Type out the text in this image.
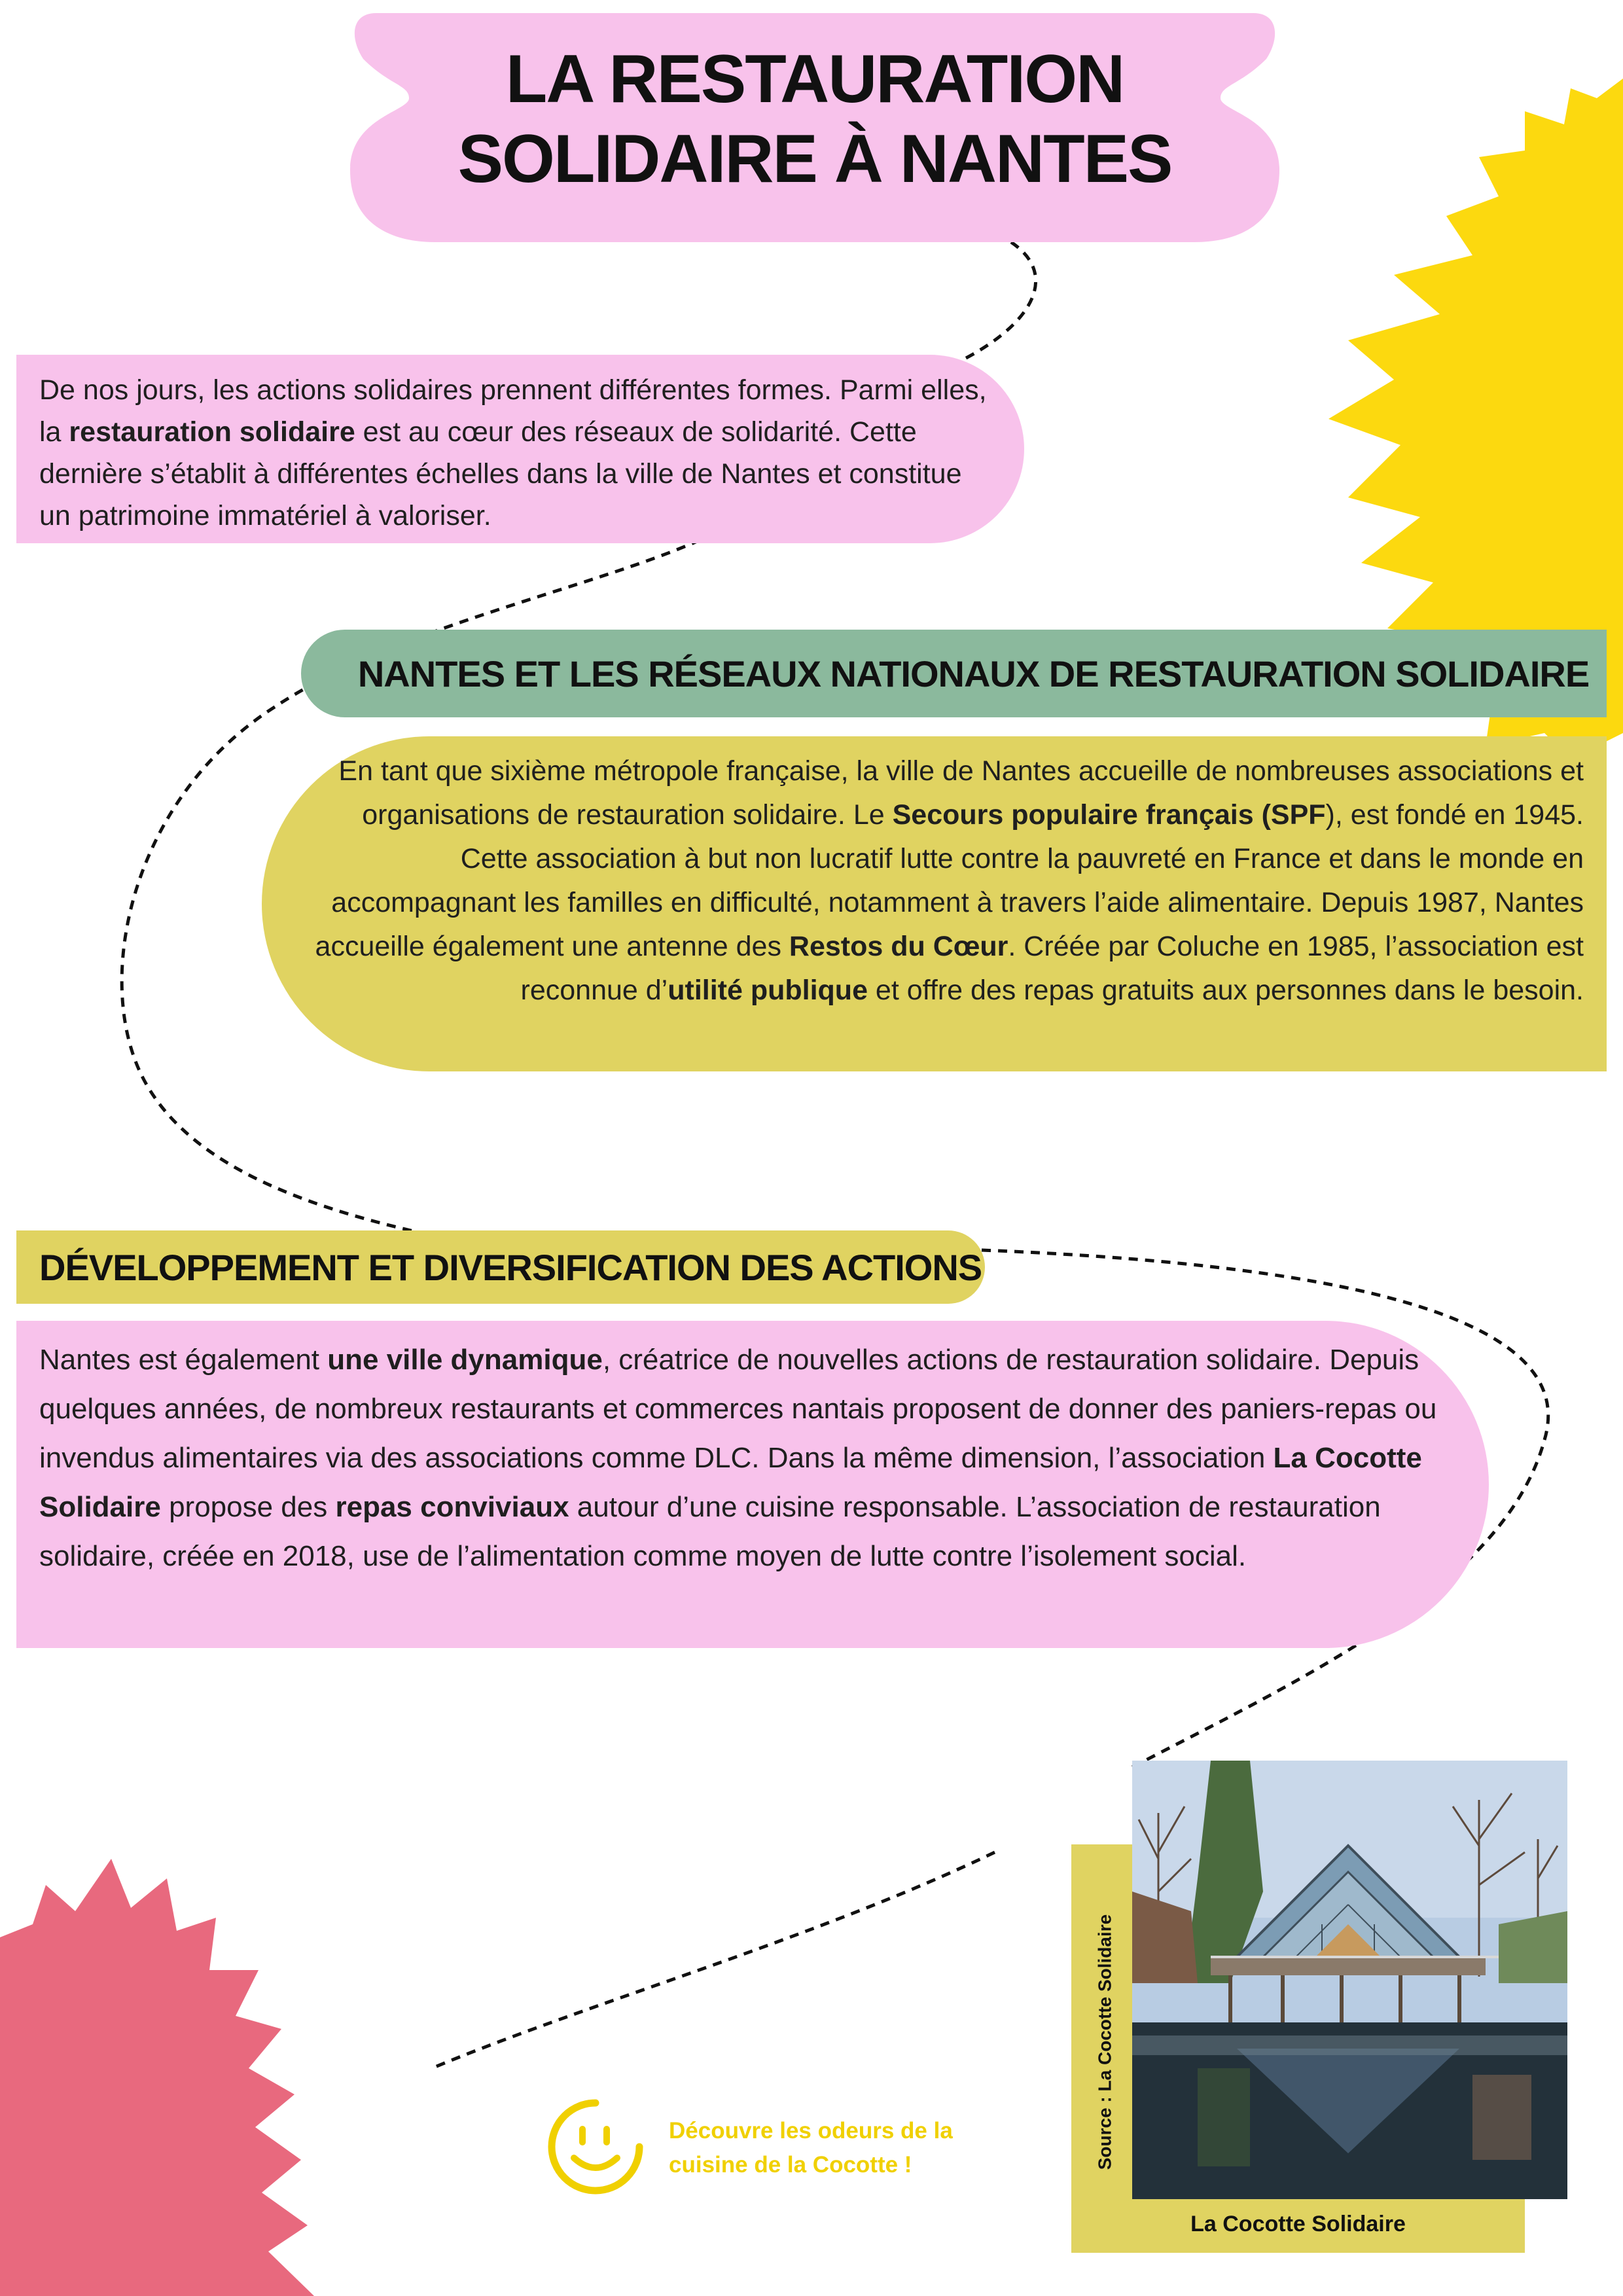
LA RESTAURATION
SOLIDAIRE À NANTES
De nos jours, les actions solidaires prennent différentes formes. Parmi elles, la restauration solidaire est au cœur des réseaux de solidarité. Cette dernière s’établit à différentes échelles dans la ville de Nantes et constitue un patrimoine immatériel à valoriser.
NANTES ET LES RÉSEAUX NATIONAUX DE RESTAURATION SOLIDAIRE
En tant que sixième métropole française, la ville de Nantes accueille de nombreuses associations et organisations de restauration solidaire. Le Secours populaire français (SPF), est fondé en 1945. Cette association à but non lucratif lutte contre la pauvreté en France et dans le monde en accompagnant les familles en difficulté, notamment à travers l’aide alimentaire. Depuis 1987, Nantes accueille également une antenne des Restos du Cœur. Créée par Coluche en 1985, l’association est reconnue d’utilité publique et offre des repas gratuits aux personnes dans le besoin.
DÉVELOPPEMENT ET DIVERSIFICATION DES ACTIONS
Nantes est également une ville dynamique, créatrice de nouvelles actions de restauration solidaire. Depuis quelques années, de nombreux restaurants et commerces nantais proposent de donner des paniers-repas ou invendus alimentaires via des associations comme DLC. Dans la même dimension, l’association La Cocotte Solidaire propose des repas conviviaux autour d’une cuisine responsable. L’association de restauration solidaire, créée en 2018, use de l’alimentation comme moyen de lutte contre l’isolement social.
Source : La Cocotte Solidaire
La Cocotte Solidaire
Découvre les odeurs de la
cuisine de la Cocotte !
